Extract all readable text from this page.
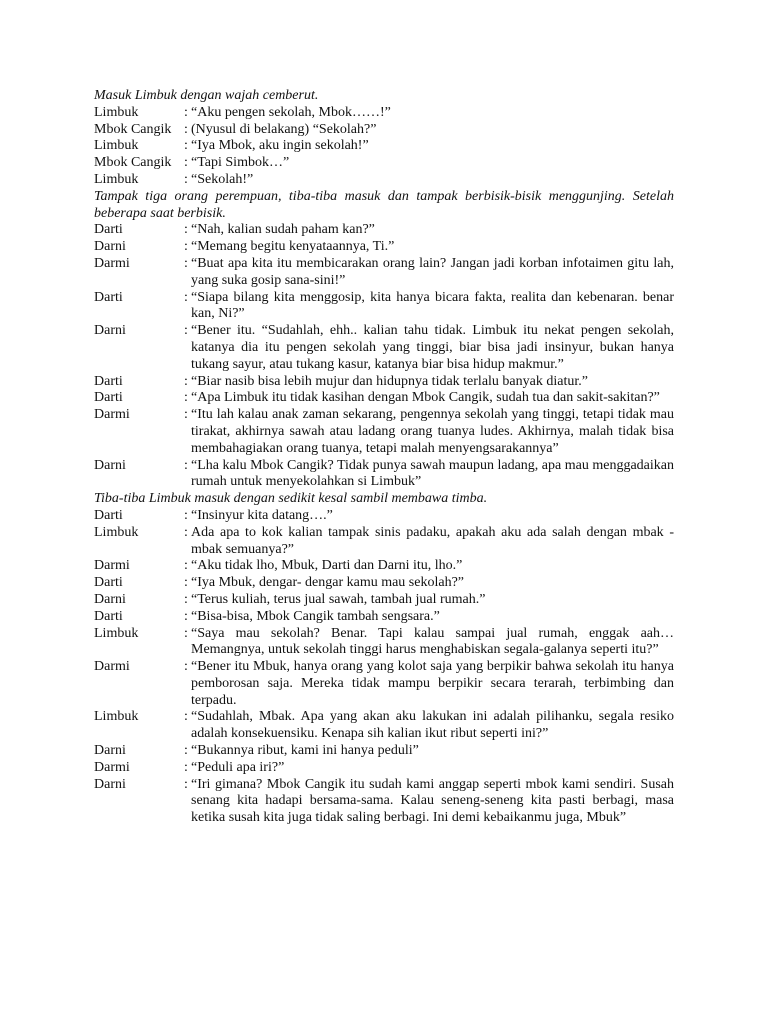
Masuk Limbuk dengan wajah cemberut.
Limbuk	: “Aku pengen sekolah, Mbok……!”
Mbok Cangik : (Nyusul di belakang) “Sekolah?”
Limbuk	: “Iya Mbok, aku ingin sekolah!”
Mbok Cangik : “Tapi Simbok…”
Limbuk	: “Sekolah!”
Tampak tiga orang perempuan, tiba-tiba masuk dan tampak berbisik-bisik menggunjing. Setelah beberapa saat berbisik.
Darti	: “Nah, kalian sudah paham kan?”
Darni	: “Memang begitu kenyataannya, Ti.”
Darmi	: “Buat apa kita itu membicarakan orang lain? Jangan jadi korban infotaimen gitu lah, yang suka gosip sana-sini!”
Darti	: “Siapa bilang kita menggosip, kita hanya bicara fakta, realita dan kebenaran. benar kan, Ni?”
Darni	: “Bener itu. “Sudahlah, ehh.. kalian tahu tidak. Limbuk itu nekat pengen sekolah, katanya dia itu pengen sekolah yang tinggi, biar bisa jadi insinyur, bukan hanya tukang sayur, atau tukang kasur, katanya biar bisa hidup makmur.”
Darti	: “Biar nasib bisa lebih mujur dan hidupnya tidak terlalu banyak diatur.”
Darti	: “Apa Limbuk itu tidak kasihan dengan Mbok Cangik, sudah tua dan sakit-sakitan?”
Darmi	: “Itu lah kalau anak zaman sekarang, pengennya sekolah yang tinggi, tetapi tidak mau tirakat, akhirnya sawah atau ladang orang tuanya ludes. Akhirnya, malah tidak bisa membahagiakan orang tuanya, tetapi malah menyengsarakannya”
Darni	: “Lha kalu Mbok Cangik? Tidak punya sawah maupun ladang, apa mau menggadaikan rumah untuk menyekolahkan si Limbuk”
Tiba-tiba Limbuk masuk dengan sedikit kesal sambil membawa timba.
Darti	: “Insinyur kita datang….”
Limbuk	: Ada apa to kok kalian tampak sinis padaku, apakah aku ada salah dengan mbak - mbak semuanya?”
Darmi	: “Aku tidak lho, Mbuk, Darti dan Darni itu, lho.”
Darti	: “Iya Mbuk, dengar- dengar kamu mau sekolah?”
Darni	: “Terus kuliah, terus jual sawah, tambah jual rumah.”
Darti	: “Bisa-bisa, Mbok Cangik tambah sengsara.”
Limbuk	: “Saya mau sekolah? Benar. Tapi kalau sampai jual rumah, enggak aah… Memangnya, untuk sekolah tinggi harus menghabiskan segala-galanya seperti itu?”
Darmi	: “Bener itu Mbuk, hanya orang yang kolot saja yang berpikir bahwa sekolah itu hanya pemborosan saja. Mereka tidak mampu berpikir secara terarah, terbimbing dan terpadu.
Limbuk	: “Sudahlah, Mbak. Apa yang akan aku lakukan ini adalah pilihanku, segala resiko adalah konsekuensiku. Kenapa sih kalian ikut ribut seperti ini?”
Darni	: “Bukannya ribut, kami ini hanya peduli”
Darmi	: “Peduli apa iri?”
Darni	: “Iri gimana? Mbok Cangik itu sudah kami anggap seperti mbok kami sendiri. Susah senang kita hadapi bersama-sama. Kalau seneng-seneng kita pasti berbagi, masa ketika susah kita juga tidak saling berbagi. Ini demi kebaikanmu juga, Mbuk”
